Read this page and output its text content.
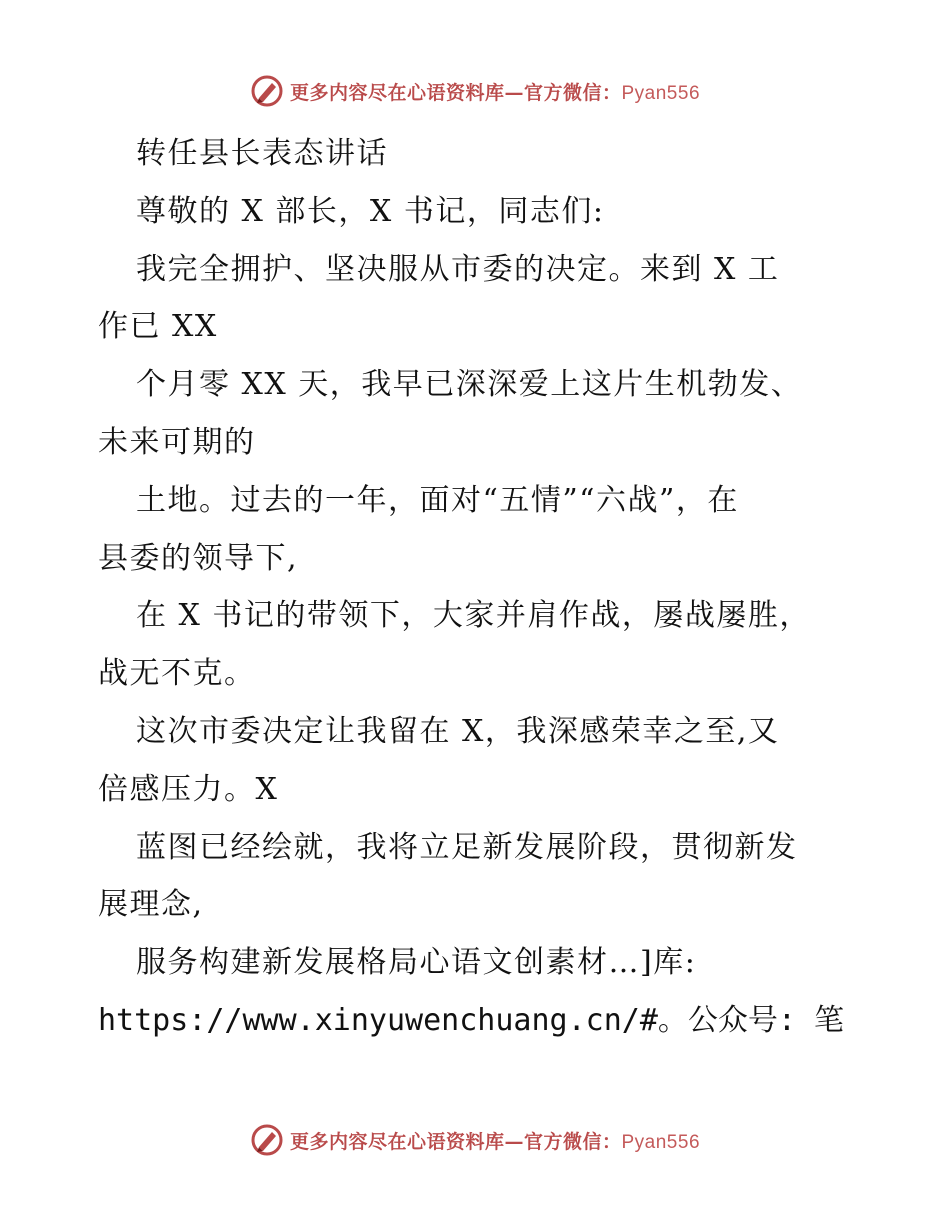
更多内容尽在心语资料库—官方微信：Pyan556
转任县长表态讲话
尊敬的 X 部长，X 书记，同志们:
我完全拥护、坚决服从市委的决定。来到 X 工
作已 XX
个月零 XX 天，我早已深深爱上这片生机勃发、
未来可期的
土地。过去的一年，面对“五情”“六战”，在
县委的领导下,
在 X 书记的带领下，大家并肩作战，屡战屡胜，
战无不克。
这次市委决定让我留在 X，我深感荣幸之至,又
倍感压力。X
蓝图已经绘就，我将立足新发展阶段，贯彻新发
展理念,
服务构建新发展格局心语文创素材…]库:
https://www.xinyuwenchuang.cn/#。公众号: 笔
更多内容尽在心语资料库—官方微信：Pyan556
